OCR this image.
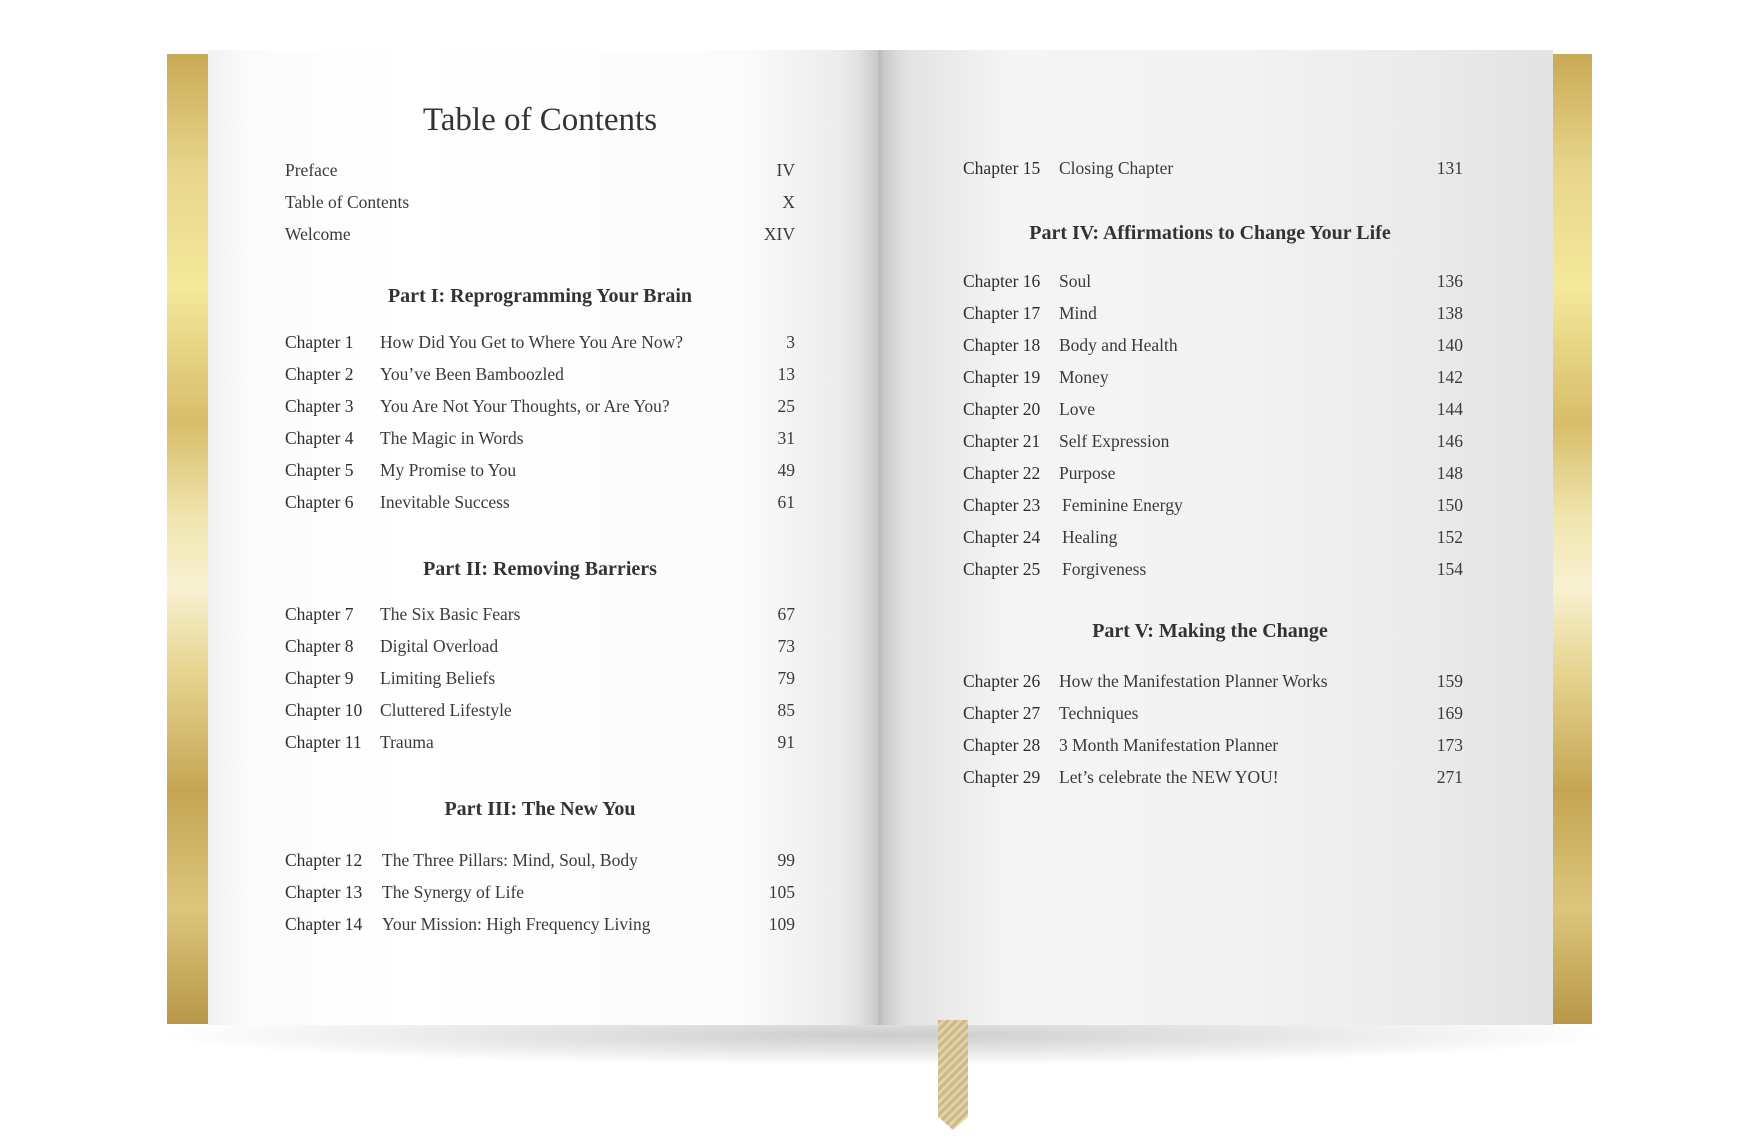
Table of Contents
Preface	IV
Table of Contents	X
Welcome	XIV
Part I: Reprogramming Your Brain
Part II: Removing Barriers
Part III: The New You
Part IV: Affirmations to Change Your Life
Part V: Making the Change
Chapter 1 How Did You Get to Where You Are Now?	3
Chapter 2 You’ve Been Bamboozled	13
Chapter 3 You Are Not Your Thoughts, or Are You?	25
Chapter 4 The Magic in Words	31
Chapter 5 My Promise to You	49
Chapter 6 Inevitable Success	61
Chapter 7 The Six Basic Fears	67
Chapter 8 Digital Overload	73
Chapter 9 Limiting Beliefs	79
Chapter 10 Cluttered Lifestyle	85
Chapter 11 Trauma	91
Chapter 12 The Three Pillars: Mind, Soul, Body	99
Chapter 13 The Synergy of Life	105
Chapter 14 Your Mission: High Frequency Living	109
Chapter 15 Closing Chapter	131
Chapter 16 Soul	136
Chapter 17 Mind	138
Chapter 18 Body and Health	140
Chapter 19 Money	142
Chapter 20 Love	144
Chapter 21 Self Expression	146
Chapter 22 Purpose	148
Chapter 23 Feminine Energy	150
Chapter 24 Healing	152
Chapter 25 Forgiveness	154
Chapter 26 How the Manifestation Planner Works	159
Chapter 27 Techniques	169
Chapter 28 3 Month Manifestation Planner	173
Chapter 29 Let’s celebrate the NEW YOU!	271
